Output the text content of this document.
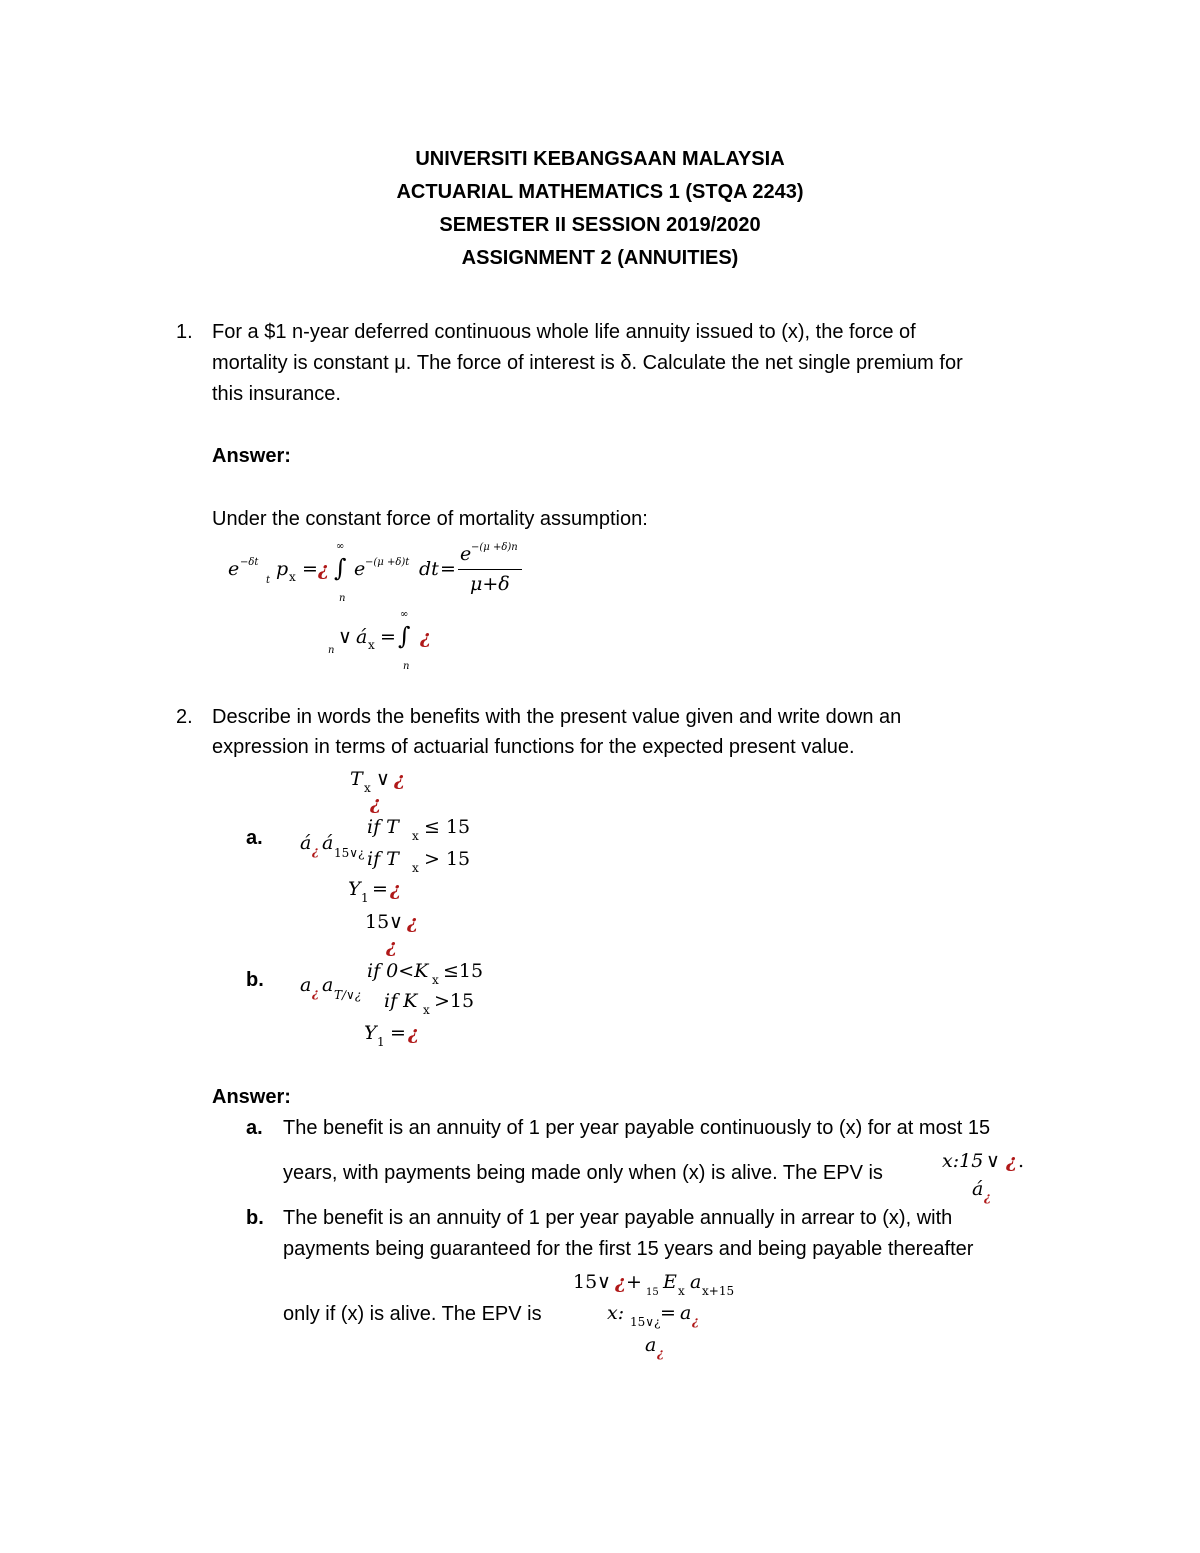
UNIVERSITI KEBANGSAAN MALAYSIA
ACTUARIAL MATHEMATICS 1 (STQA 2243)
SEMESTER II SESSION 2019/2020
ASSIGNMENT 2 (ANNUITIES)
1. For a $1 n-year deferred continuous whole life annuity issued to (x), the force of
mortality is constant μ. The force of interest is δ. Calculate the net single premium for
this insurance.
Answer:
Under the constant force of mortality assumption:
e −δt
t
p x = ¿
∞
∫
n
e −(μ +δ)t dt =
e −(μ +δ)n
μ+δ
n
∨ á x =
∞
∫
n
¿
2. Describe in words the benefits with the present value given and write down an
expression in terms of actuarial functions for the expected present value.
T x ∨ ¿
¿
a.	if T x ≤ 15
á ¿ á 15∨¿ if T x > 15
Y 1 = ¿
15 ∨ ¿
¿
b.	if 0<K x ≤15
a ¿ a T∕∨¿ if K x >15
Y 1 = ¿
Answer:
a. The benefit is an annuity of 1 per year payable continuously to (x) for at most 15
years, with payments being made only when (x) is alive. The EPV is
x:15 ∨ ¿ .
á ¿
b. The benefit is an annuity of 1 per year payable annually in arrear to (x), with
payments being guaranteed for the first 15 years and being payable thereafter
only if (x) is alive. The EPV is
15 ∨ ¿ + 15 E x a x+15
x: 15∨¿ = a ¿
a ¿
